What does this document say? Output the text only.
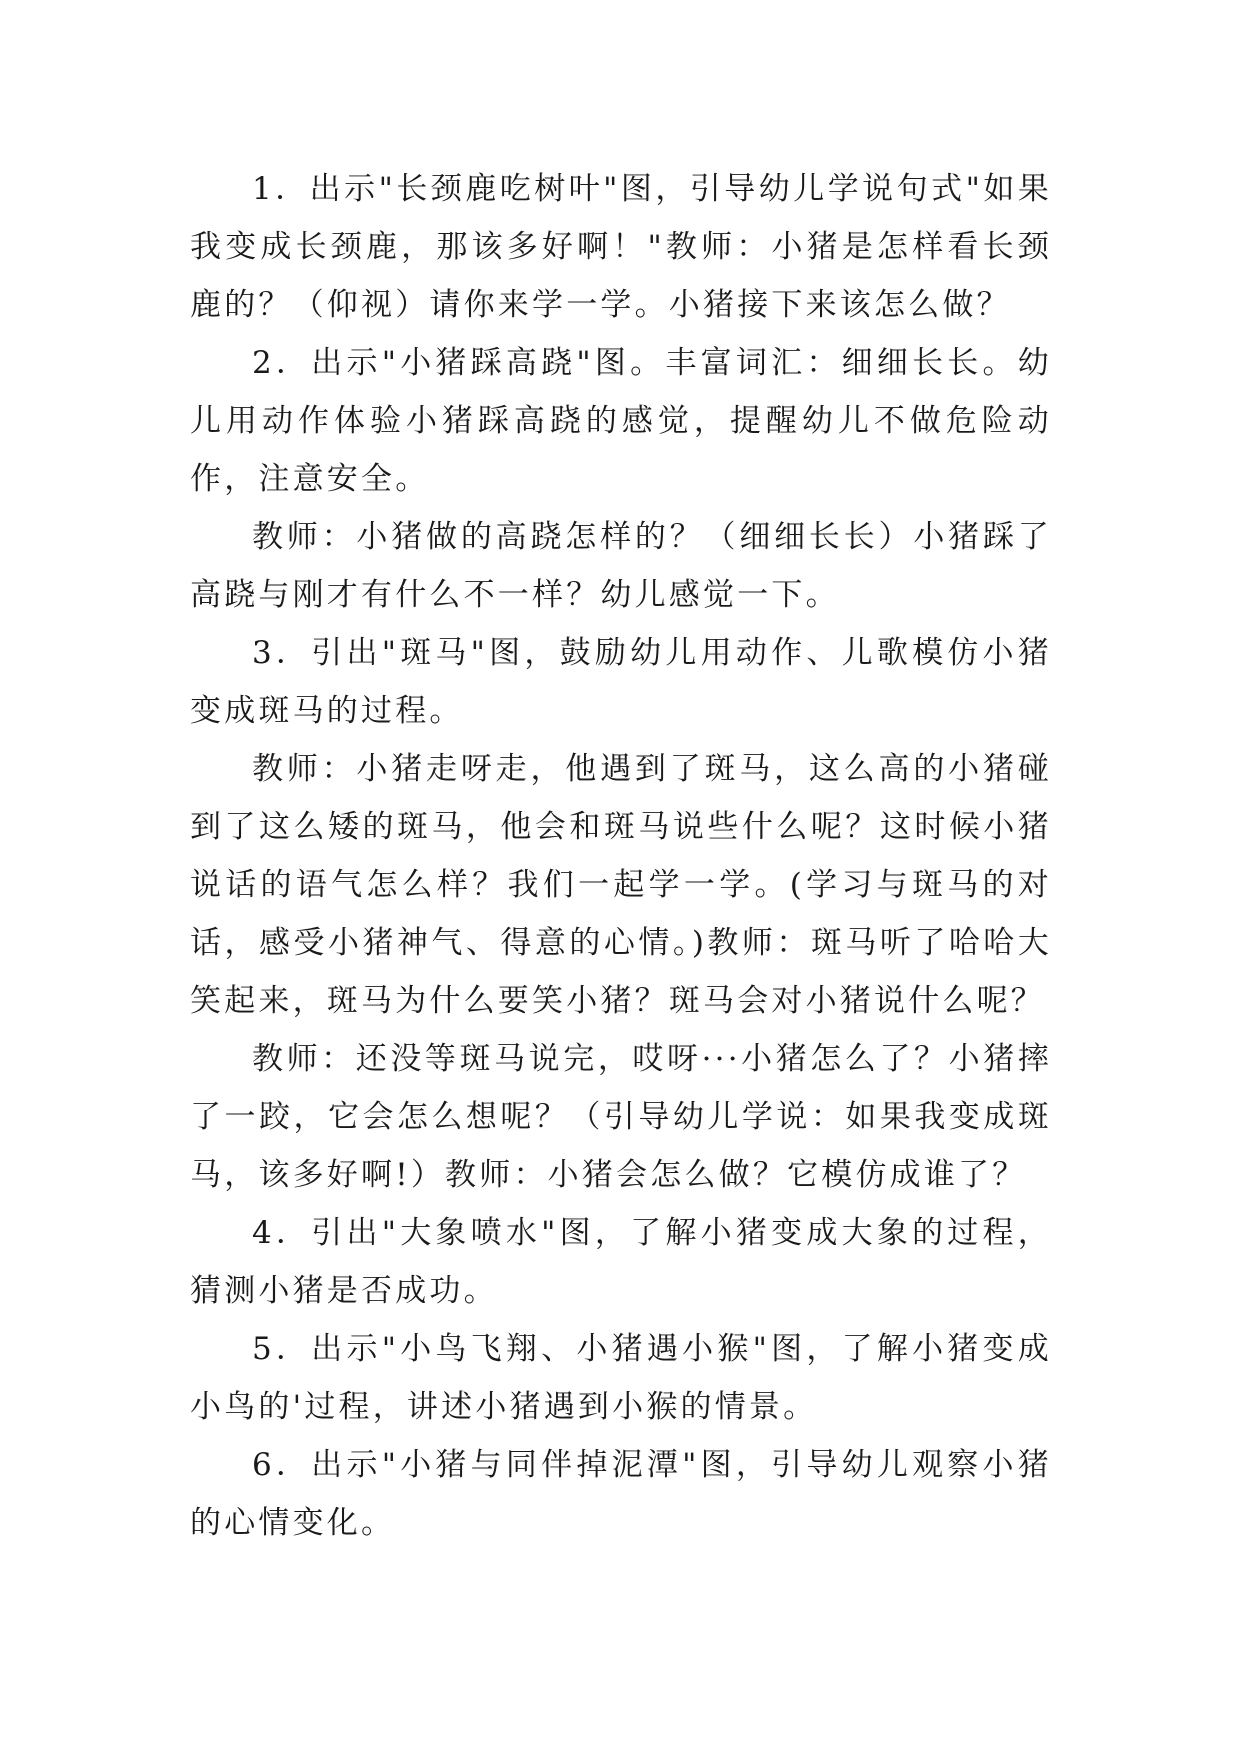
1．出示"长颈鹿吃树叶"图，引导幼儿学说句式"如果我变成长颈鹿，那该多好啊！"教师：小猪是怎样看长颈鹿的？（仰视）请你来学一学。小猪接下来该怎么做？

2．出示"小猪踩高跷"图。丰富词汇：细细长长。幼儿用动作体验小猪踩高跷的感觉，提醒幼儿不做危险动作，注意安全。

教师：小猪做的高跷怎样的？（细细长长）小猪踩了高跷与刚才有什么不一样？幼儿感觉一下。

3．引出"斑马"图，鼓励幼儿用动作、儿歌模仿小猪变成斑马的过程。

教师：小猪走呀走，他遇到了斑马，这么高的小猪碰到了这么矮的斑马，他会和斑马说些什么呢？这时候小猪说话的语气怎么样？我们一起学一学。(学习与斑马的对话，感受小猪神气、得意的心情。)教师：斑马听了哈哈大笑起来，斑马为什么要笑小猪？斑马会对小猪说什么呢？

教师：还没等斑马说完，哎呀···小猪怎么了？小猪摔了一跤，它会怎么想呢？（引导幼儿学说：如果我变成斑马，该多好啊!）教师：小猪会怎么做？它模仿成谁了？

4．引出"大象喷水"图，了解小猪变成大象的过程，猜测小猪是否成功。

5．出示"小鸟飞翔、小猪遇小猴"图，了解小猪变成小鸟的'过程，讲述小猪遇到小猴的情景。

6．出示"小猪与同伴掉泥潭"图，引导幼儿观察小猪的心情变化。
